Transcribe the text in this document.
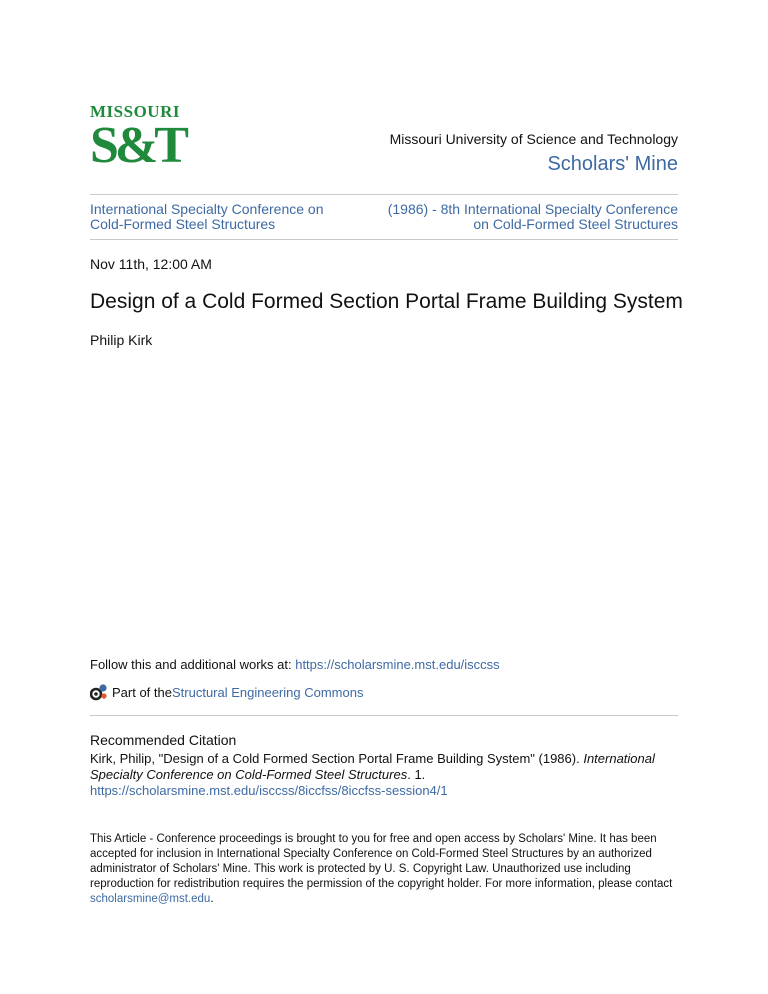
MISSOURI
S&T	Missouri University of Science and Technology
Scholars' Mine
International Specialty Conference on Cold-Formed Steel Structures
(1986) - 8th International Specialty Conference on Cold-Formed Steel Structures
Nov 11th, 12:00 AM
Design of a Cold Formed Section Portal Frame Building System
Philip Kirk
Follow this and additional works at: https://scholarsmine.mst.edu/isccss
Part of the Structural Engineering Commons
Recommended Citation
Kirk, Philip, "Design of a Cold Formed Section Portal Frame Building System" (1986). International Specialty Conference on Cold-Formed Steel Structures. 1.
https://scholarsmine.mst.edu/isccss/8iccfss/8iccfss-session4/1
This Article - Conference proceedings is brought to you for free and open access by Scholars' Mine. It has been accepted for inclusion in International Specialty Conference on Cold-Formed Steel Structures by an authorized administrator of Scholars' Mine. This work is protected by U. S. Copyright Law. Unauthorized use including reproduction for redistribution requires the permission of the copyright holder. For more information, please contact scholarsmine@mst.edu.
